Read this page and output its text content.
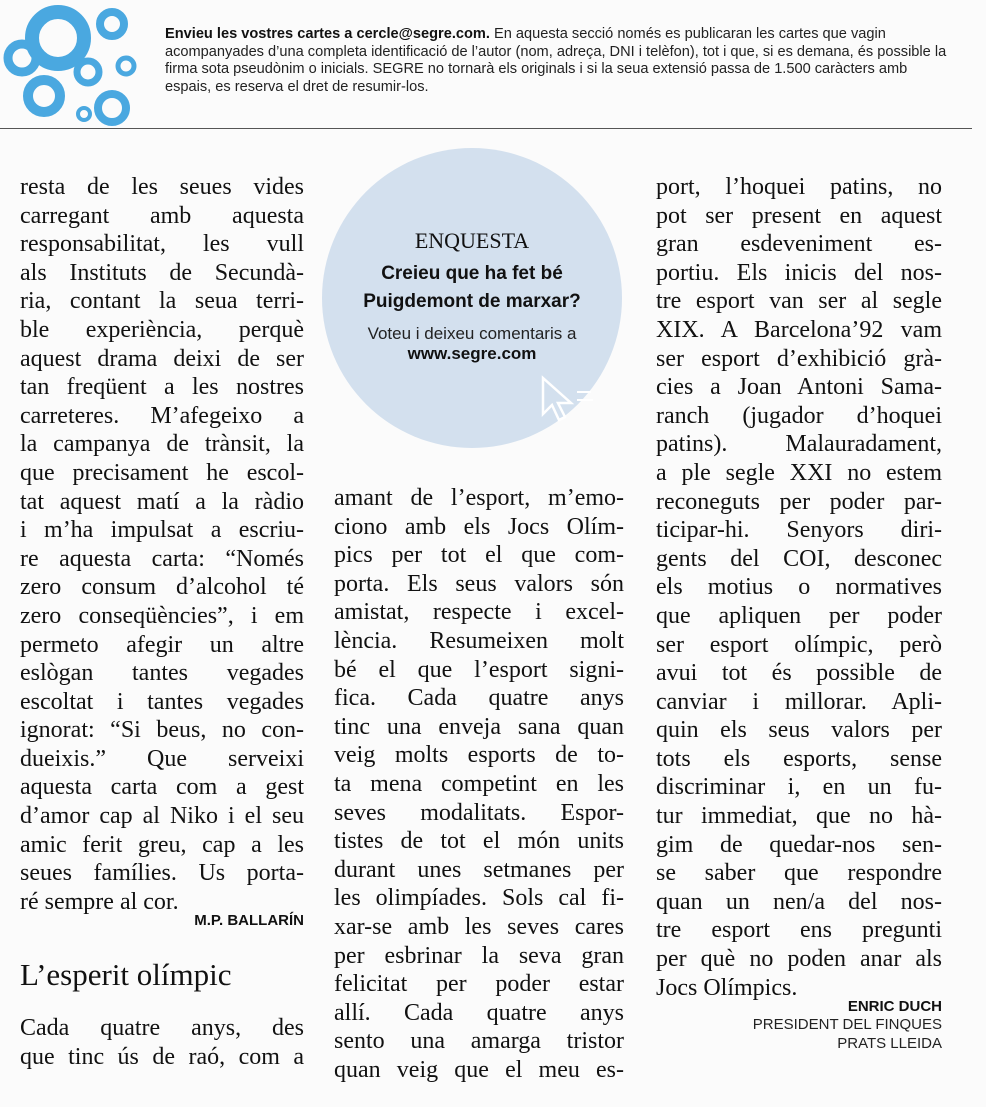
Envieu les vostres cartes a cercle@segre.com. En aquesta secció només es publicaran les cartes que vagin acompanyades d’una completa identificació de l’autor (nom, adreça, DNI i telèfon), tot i que, si es demana, és possible la firma sota pseudònim o inicials. SEGRE no tornarà els originals i si la seua extensió passa de 1.500 caràcters amb espais, es reserva el dret de resumir-los.
resta de les seues vides
carregant amb aquesta
responsabilitat, les vull
als Instituts de Secundà-
ria, contant la seua terri-
ble experiència, perquè
aquest drama deixi de ser
tan freqüent a les nostres
carreteres. M’afegeixo a
la campanya de trànsit, la
que precisament he escol-
tat aquest matí a la ràdio
i m’ha impulsat a escriu-
re aquesta carta: “Només
zero consum d’alcohol té
zero conseqüències”, i em
permeto afegir un altre
eslògan tantes vegades
escoltat i tantes vegades
ignorat: “Si beus, no con-
dueixis.” Que serveixi
aquesta carta com a gest
d’amor cap al Niko i el seu
amic ferit greu, cap a les
seues famílies. Us porta-
ré sempre al cor.
ENQUESTA
Creieu que ha fet bé
Puigdemont de marxar?
Voteu i deixeu comentaris a
www.segre.com
L’esperit olímpic
Cada quatre anys, des
que tinc ús de raó, com a
amant de l’esport, m’emo-
ciono amb els Jocs Olím-
pics per tot el que com-
porta. Els seus valors són
amistat, respecte i excel-
lència. Resumeixen molt
bé el que l’esport signi-
fica. Cada quatre anys
tinc una enveja sana quan
veig molts esports de to-
ta mena competint en les
seves modalitats. Espor-
tistes de tot el món units
durant unes setmanes per
les olimpíades. Sols cal fi-
xar-se amb les seves cares
per esbrinar la seva gran
felicitat per poder estar
allí. Cada quatre anys
sento una amarga tristor
quan veig que el meu es-
port, l’hoquei patins, no
pot ser present en aquest
gran esdeveniment es-
portiu. Els inicis del nos-
tre esport van ser al segle
XIX. A Barcelona’92 vam
ser esport d’exhibició grà-
cies a Joan Antoni Sama-
ranch (jugador d’hoquei
patins). Malauradament,
a ple segle XXI no estem
reconeguts per poder par-
ticipar-hi. Senyors diri-
gents del COI, desconec
els motius o normatives
que apliquen per poder
ser esport olímpic, però
avui tot és possible de
canviar i millorar. Apli-
quin els seus valors per
tots els esports, sense
discriminar i, en un fu-
tur immediat, que no hà-
gim de quedar-nos sen-
se saber que respondre
quan un nen/a del nos-
tre esport ens pregunti
per què no poden anar als
Jocs Olímpics.
M.P. BALLARÍN
ENRIC DUCH
PRESIDENT DEL FINQUES
PRATS LLEIDA
